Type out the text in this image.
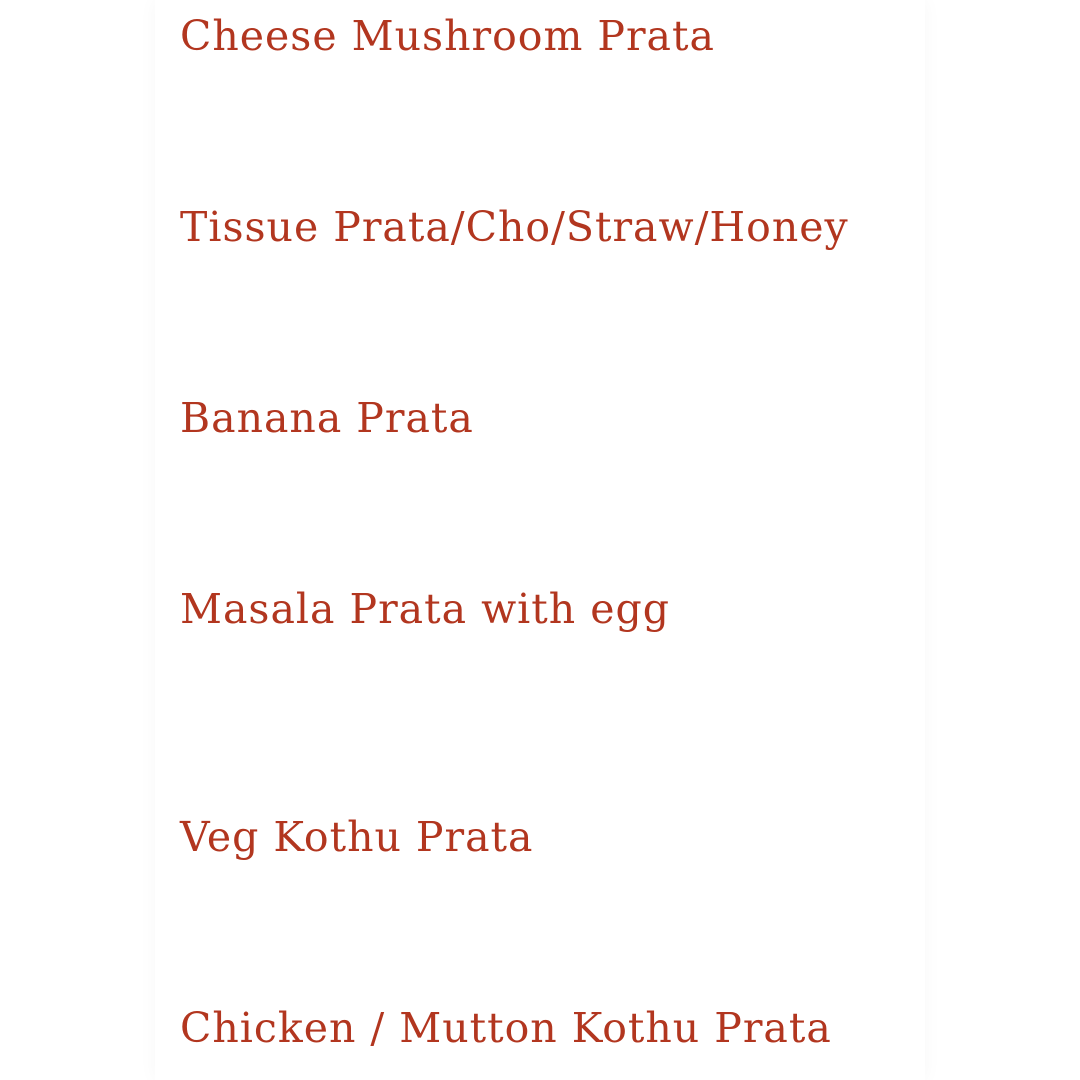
Cheese Mushroom Prata
Tissue Prata/Cho/Straw/Honey
Banana Prata
Masala Prata with egg
Veg Kothu Prata
Chicken / Mutton Kothu Prata
